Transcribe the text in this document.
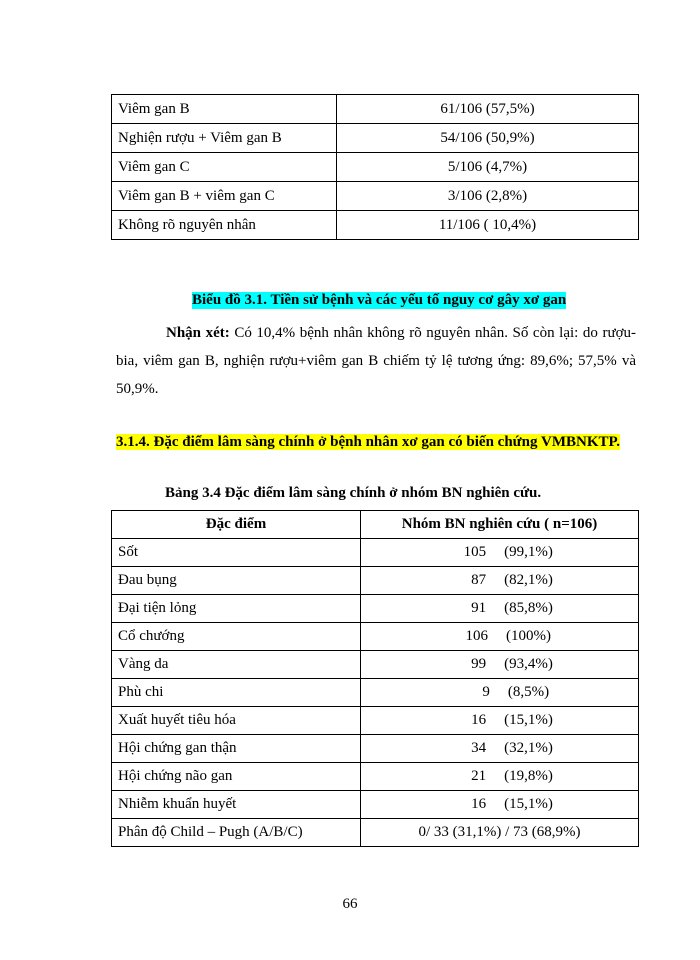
Viêm gan B	61/106 (57,5%)
Nghiện rượu + Viêm gan B	54/106 (50,9%)
Viêm gan C	5/106 (4,7%)
Viêm gan B + viêm gan C	3/106 (2,8%)
Không rõ nguyên nhân	11/106 ( 10,4%)
Biểu đồ 3.1. Tiền sử bệnh và các yếu tố nguy cơ gây xơ gan
Nhận xét: Có 10,4% bệnh nhân không rõ nguyên nhân. Số còn lại: do rượu-bia, viêm gan B, nghiện rượu+viêm gan B chiếm tỷ lệ tương ứng: 89,6%; 57,5% và 50,9%.
3.1.4. Đặc điểm lâm sàng chính ở bệnh nhân xơ gan có biến chứng VMBNKTP.
Bảng 3.4 Đặc điểm lâm sàng chính ở nhóm BN nghiên cứu.
Đặc điểm	Nhóm BN nghiên cứu ( n=106)
Sốt	105 (99,1%)
Đau bụng	87 (82,1%)
Đại tiện lỏng	91 (85,8%)
Cổ chướng	106 (100%)
Vàng da	99 (93,4%)
Phù chi	9 (8,5%)
Xuất huyết tiêu hóa	16 (15,1%)
Hội chứng gan thận	34 (32,1%)
Hội chứng não gan	21 (19,8%)
Nhiễm khuẩn huyết	16 (15,1%)
Phân độ Child – Pugh (A/B/C)	0/ 33 (31,1%) / 73 (68,9%)
66
